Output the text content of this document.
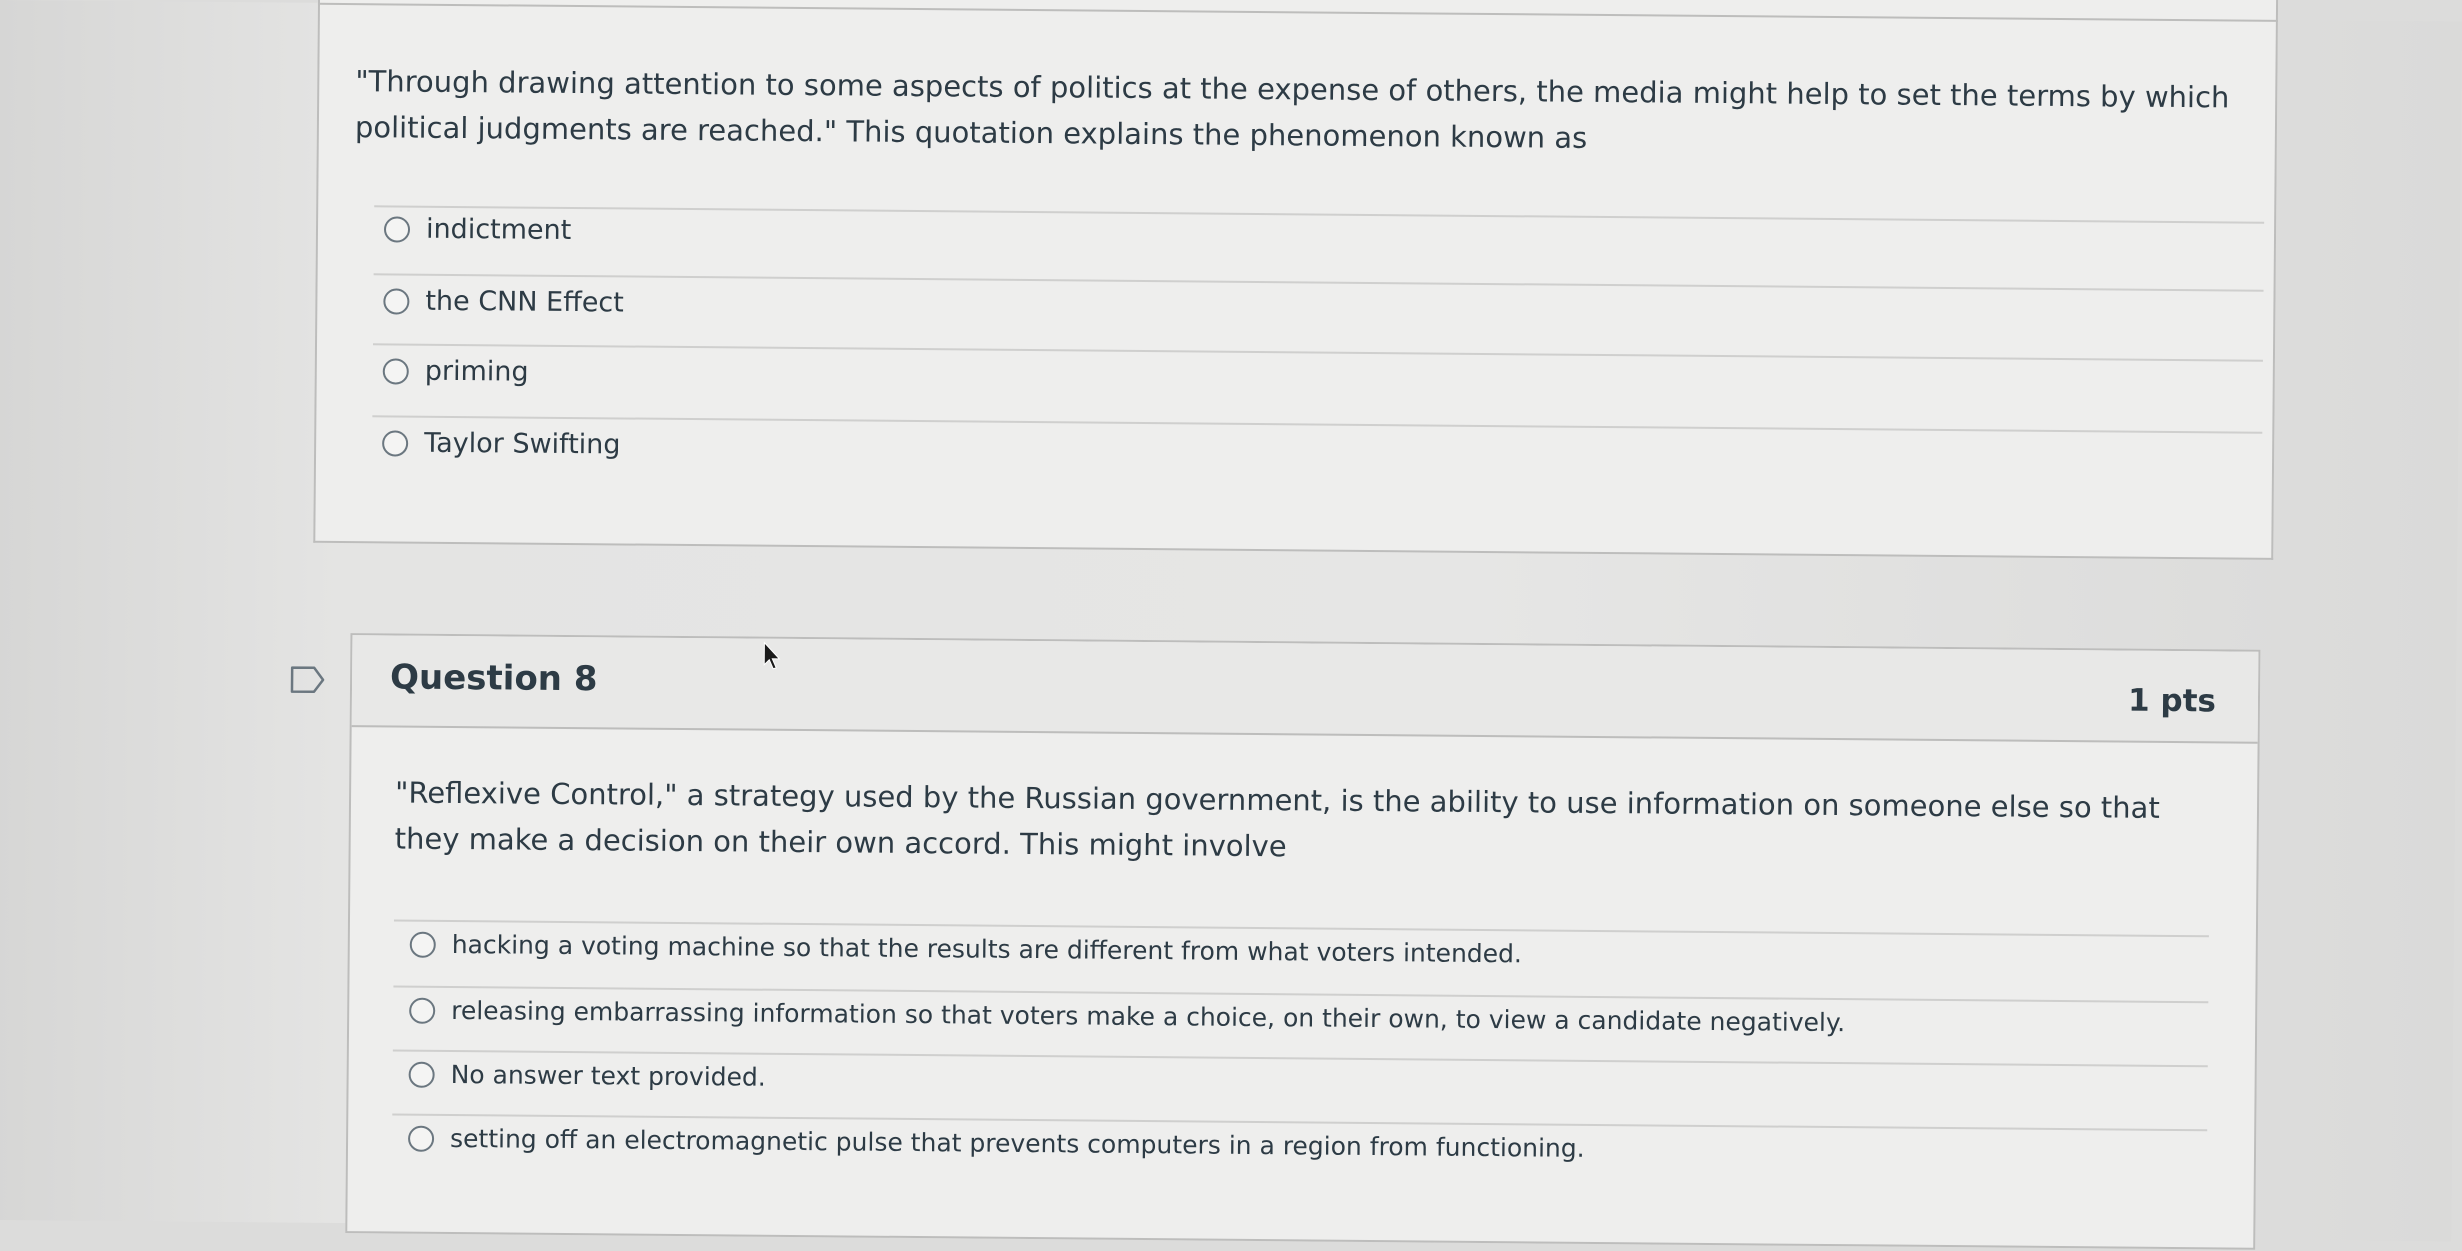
"Through drawing attention to some aspects of politics at the expense of others, the media might help to set the terms by which political judgments are reached." This quotation explains the phenomenon known as
indictment
the CNN Effect
priming
Taylor Swifting
Question 8
1 pts
"Reflexive Control," a strategy used by the Russian government, is the ability to use information on someone else so that they make a decision on their own accord. This might involve
hacking a voting machine so that the results are different from what voters intended.
releasing embarrassing information so that voters make a choice, on their own, to view a candidate negatively.
No answer text provided.
setting off an electromagnetic pulse that prevents computers in a region from functioning.
